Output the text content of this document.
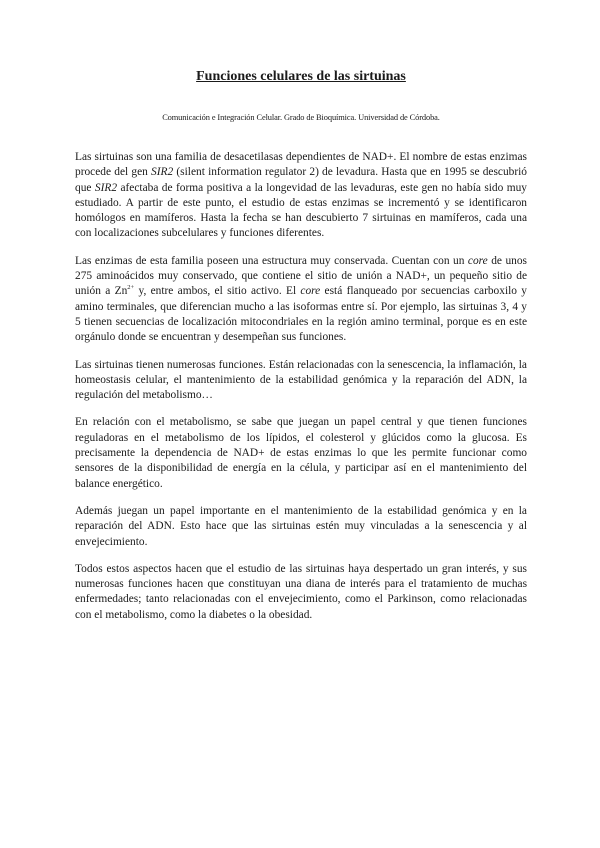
Funciones celulares de las sirtuinas

Comunicación e Integración Celular. Grado de Bioquímica. Universidad de Córdoba.

Las sirtuinas son una familia de desacetilasas dependientes de NAD+. El nombre de estas enzimas procede del gen SIR2 (silent information regulator 2) de levadura. Hasta que en 1995 se descubrió que SIR2 afectaba de forma positiva a la longevidad de las levaduras, este gen no había sido muy estudiado. A partir de este punto, el estudio de estas enzimas se incrementó y se identificaron homólogos en mamíferos. Hasta la fecha se han descubierto 7 sirtuinas en mamíferos, cada una con localizaciones subcelulares y funciones diferentes.

Las enzimas de esta familia poseen una estructura muy conservada. Cuentan con un core de unos 275 aminoácidos muy conservado, que contiene el sitio de unión a NAD+, un pequeño sitio de unión a $Zn^{2+}$ y, entre ambos, el sitio activo. El core está flanqueado por secuencias carboxilo y amino terminales, que diferencian mucho a las isoformas entre sí. Por ejemplo, las sirtuinas 3, 4 y 5 tienen secuencias de localización mitocondriales en la región amino terminal, porque es en este orgánulo donde se encuentran y desempeñan sus funciones.

Las sirtuinas tienen numerosas funciones. Están relacionadas con la senescencia, la inflamación, la homeostasis celular, el mantenimiento de la estabilidad genómica y la reparación del ADN, la regulación del metabolismo…

En relación con el metabolismo, se sabe que juegan un papel central y que tienen funciones reguladoras en el metabolismo de los lípidos, el colesterol y glúcidos como la glucosa. Es precisamente la dependencia de NAD+ de estas enzimas lo que les permite funcionar como sensores de la disponibilidad de energía en la célula, y participar así en el mantenimiento del balance energético.

Además juegan un papel importante en el mantenimiento de la estabilidad genómica y en la reparación del ADN. Esto hace que las sirtuinas estén muy vinculadas a la senescencia y al envejecimiento.

Todos estos aspectos hacen que el estudio de las sirtuinas haya despertado un gran interés, y sus numerosas funciones hacen que constituyan una diana de interés para el tratamiento de muchas enfermedades; tanto relacionadas con el envejecimiento, como el Parkinson, como relacionadas con el metabolismo, como la diabetes o la obesidad.
